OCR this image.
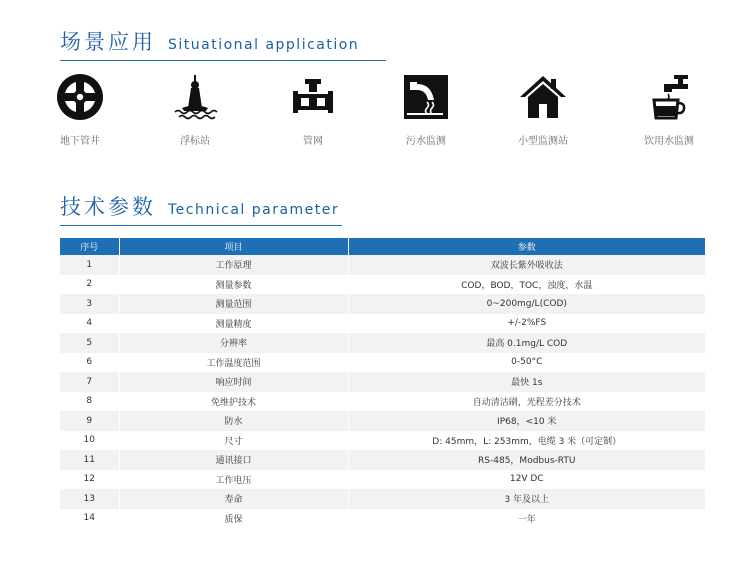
场景应用 Situational application
地下管井	浮标站	管网	污水监测	小型监测站	饮用水监测
技术参数 Technical parameter
序号	项目	参数
1	工作原理	双波长紫外吸收法
2	测量参数	COD，BOD，TOC，浊度，水温
3	测量范围	0~200mg/L(COD)
4	测量精度	+/-2%FS
5	分辨率	最高 0.1mg/L COD
6	工作温度范围	0-50°C
7	响应时间	最快 1s
8	免维护技术	自动清洁刷，光程差分技术
9	防水	IP68，<10 米
10	尺寸	D: 45mm，L: 253mm，电缆 3 米（可定制）
11	通讯接口	RS-485，Modbus-RTU
12	工作电压	12V DC
13	寿命	3 年及以上
14	质保	一年
